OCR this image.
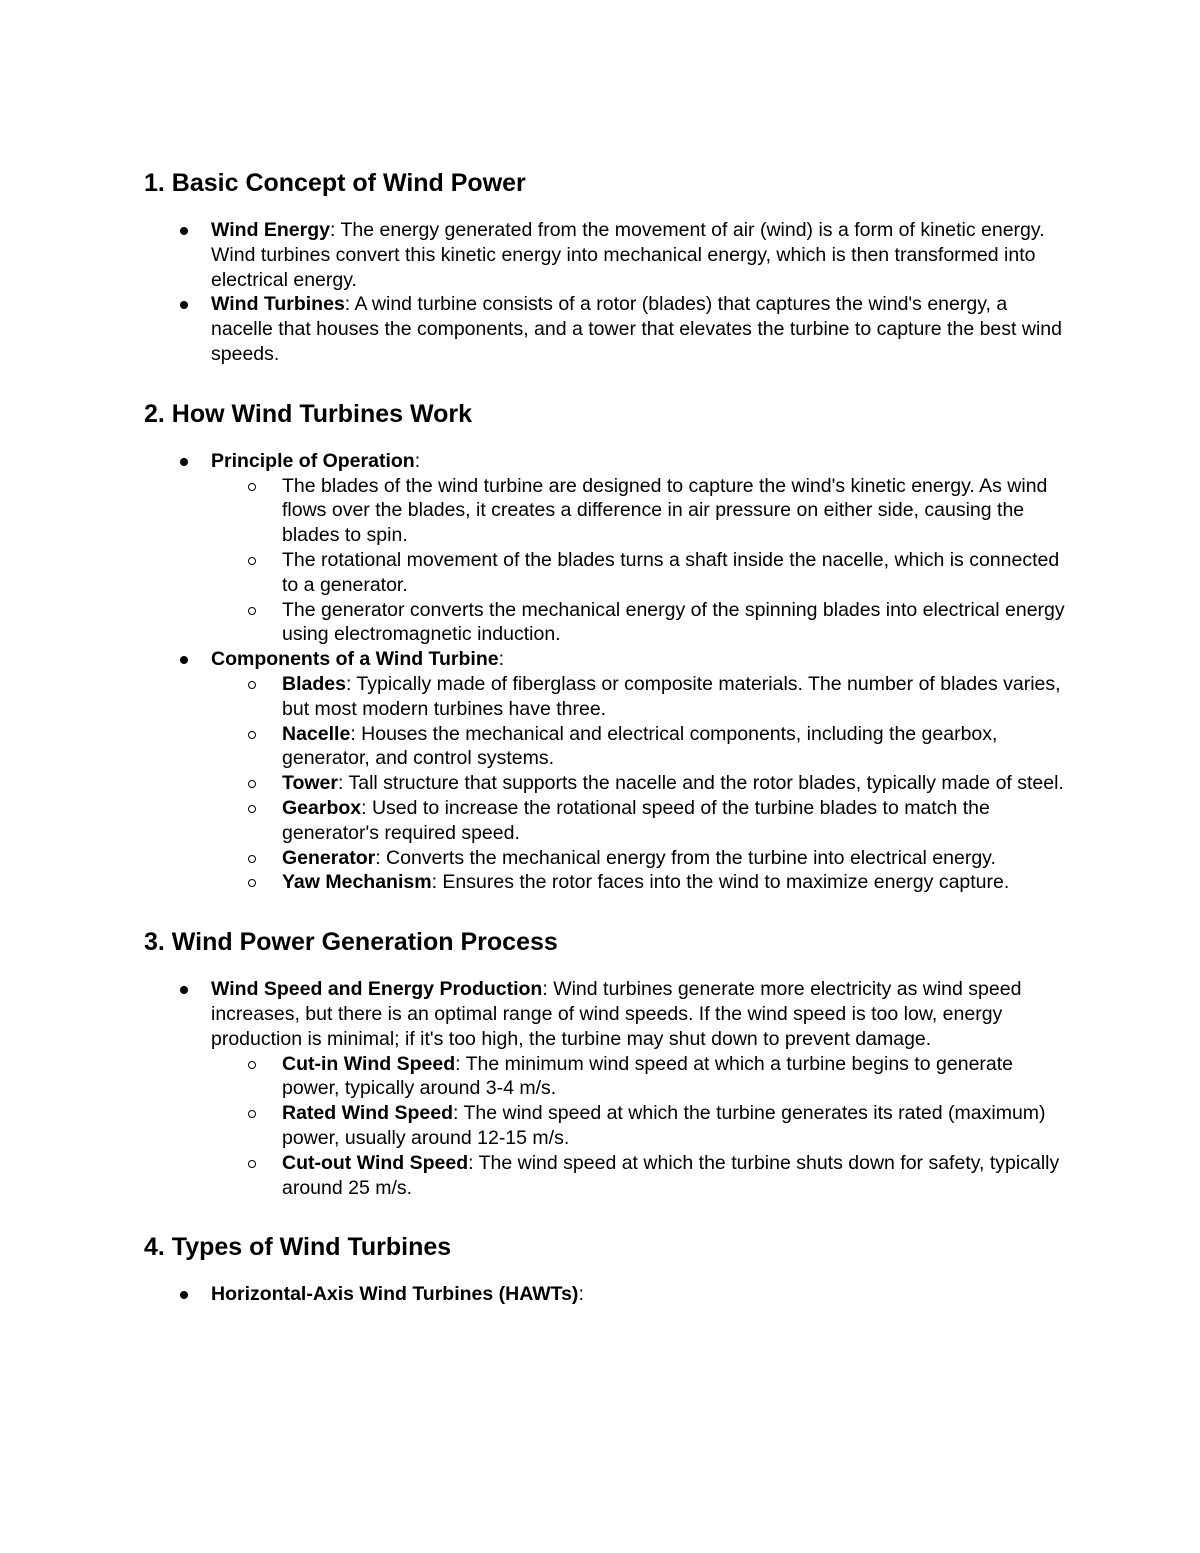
1. Basic Concept of Wind Power
Wind Energy: The energy generated from the movement of air (wind) is a form of kinetic energy. Wind turbines convert this kinetic energy into mechanical energy, which is then transformed into electrical energy.
Wind Turbines: A wind turbine consists of a rotor (blades) that captures the wind's energy, a nacelle that houses the components, and a tower that elevates the turbine to capture the best wind speeds.
2. How Wind Turbines Work
Principle of Operation:
The blades of the wind turbine are designed to capture the wind's kinetic energy. As wind flows over the blades, it creates a difference in air pressure on either side, causing the blades to spin.
The rotational movement of the blades turns a shaft inside the nacelle, which is connected to a generator.
The generator converts the mechanical energy of the spinning blades into electrical energy using electromagnetic induction.
Components of a Wind Turbine:
Blades: Typically made of fiberglass or composite materials. The number of blades varies, but most modern turbines have three.
Nacelle: Houses the mechanical and electrical components, including the gearbox, generator, and control systems.
Tower: Tall structure that supports the nacelle and the rotor blades, typically made of steel.
Gearbox: Used to increase the rotational speed of the turbine blades to match the generator's required speed.
Generator: Converts the mechanical energy from the turbine into electrical energy.
Yaw Mechanism: Ensures the rotor faces into the wind to maximize energy capture.
3. Wind Power Generation Process
Wind Speed and Energy Production: Wind turbines generate more electricity as wind speed increases, but there is an optimal range of wind speeds. If the wind speed is too low, energy production is minimal; if it's too high, the turbine may shut down to prevent damage.
Cut-in Wind Speed: The minimum wind speed at which a turbine begins to generate power, typically around 3-4 m/s.
Rated Wind Speed: The wind speed at which the turbine generates its rated (maximum) power, usually around 12-15 m/s.
Cut-out Wind Speed: The wind speed at which the turbine shuts down for safety, typically around 25 m/s.
4. Types of Wind Turbines
Horizontal-Axis Wind Turbines (HAWTs):
